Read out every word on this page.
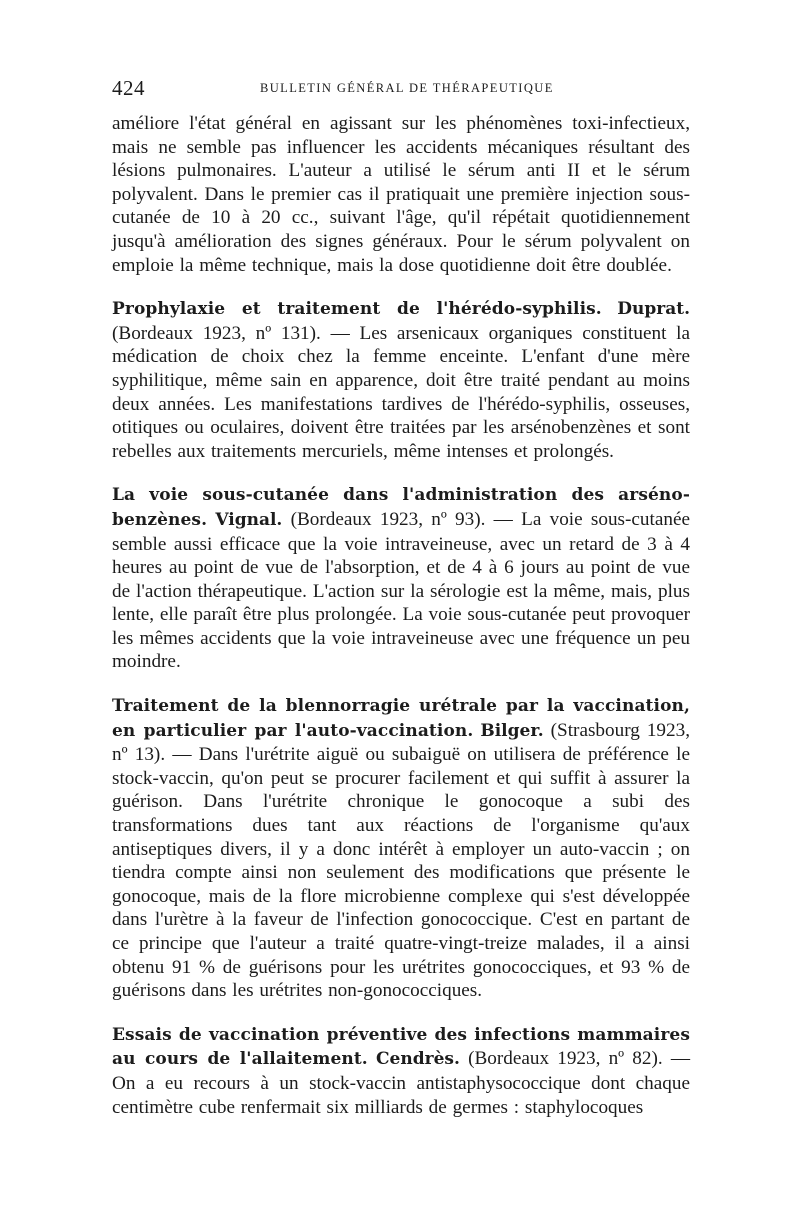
424	BULLETIN GÉNÉRAL DE THÉRAPEUTIQUE

améliore l'état général en agissant sur les phénomènes toxi-infectieux, mais ne semble pas influencer les accidents mécaniques résultant des lésions pulmonaires. L'auteur a utilisé le sérum anti II et le sérum polyvalent. Dans le premier cas il pratiquait une première injection sous-cutanée de 10 à 20 cc., suivant l'âge, qu'il répétait quotidiennement jusqu'à amélioration des signes généraux. Pour le sérum polyvalent on emploie la même technique, mais la dose quotidienne doit être doublée.

Prophylaxie et traitement de l'hérédo-syphilis. Duprat. (Bordeaux 1923, nº 131). — Les arsenicaux organiques constituent la médication de choix chez la femme enceinte. L'enfant d'une mère syphilitique, même sain en apparence, doit être traité pendant au moins deux années. Les manifestations tardives de l'hérédo-syphilis, osseuses, otitiques ou oculaires, doivent être traitées par les arsénobenzènes et sont rebelles aux traitements mercuriels, même intenses et prolongés.

La voie sous-cutanée dans l'administration des arséno-benzènes. Vignal. (Bordeaux 1923, nº 93). — La voie sous-cutanée semble aussi efficace que la voie intraveineuse, avec un retard de 3 à 4 heures au point de vue de l'absorption, et de 4 à 6 jours au point de vue de l'action thérapeutique. L'action sur la sérologie est la même, mais, plus lente, elle paraît être plus prolongée. La voie sous-cutanée peut provoquer les mêmes accidents que la voie intraveineuse avec une fréquence un peu moindre.

Traitement de la blennorragie urétrale par la vaccination, en particulier par l'auto-vaccination. Bilger. (Strasbourg 1923, nº 13). — Dans l'urétrite aiguë ou subaiguë on utilisera de préférence le stock-vaccin, qu'on peut se procurer facilement et qui suffit à assurer la guérison. Dans l'urétrite chronique le gonocoque a subi des transformations dues tant aux réactions de l'organisme qu'aux antiseptiques divers, il y a donc intérêt à employer un auto-vaccin ; on tiendra compte ainsi non seulement des modifications que présente le gonocoque, mais de la flore microbienne complexe qui s'est développée dans l'urètre à la faveur de l'infection gonococcique. C'est en partant de ce principe que l'auteur a traité quatre-vingt-treize malades, il a ainsi obtenu 91 % de guérisons pour les urétrites gonococciques, et 93 % de guérisons dans les urétrites non-gonococciques.

Essais de vaccination préventive des infections mammaires au cours de l'allaitement. Cendrès. (Bordeaux 1923, nº 82). — On a eu recours à un stock-vaccin antistaphysococcique dont chaque centimètre cube renfermait six milliards de germes : staphylocoques
